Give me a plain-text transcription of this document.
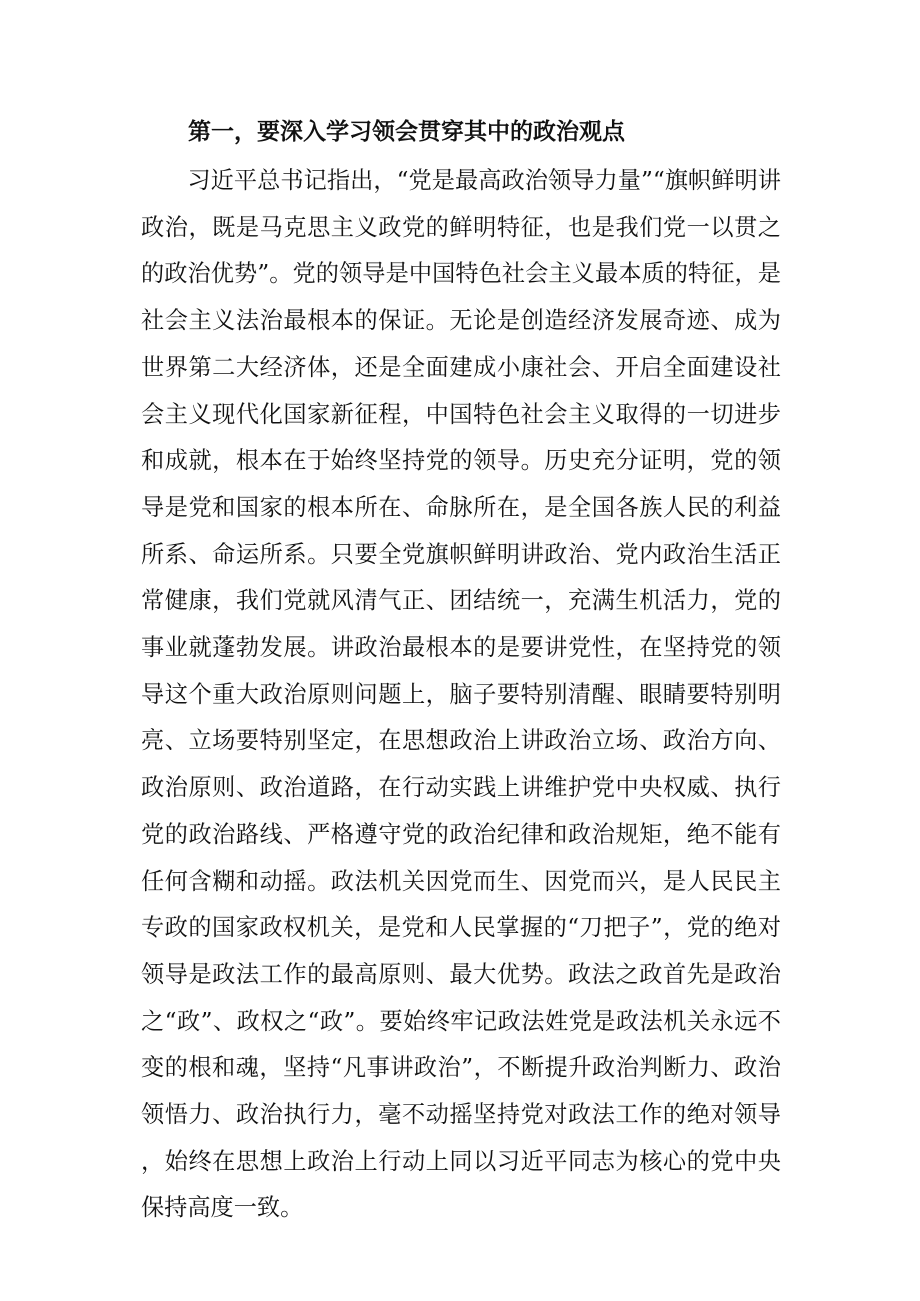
第一，要深入学习领会贯穿其中的政治观点

习近平总书记指出，“党是最高政治领导力量”“旗帜鲜明讲政治，既是马克思主义政党的鲜明特征，也是我们党一以贯之的政治优势”。党的领导是中国特色社会主义最本质的特征，是社会主义法治最根本的保证。无论是创造经济发展奇迹、成为世界第二大经济体，还是全面建成小康社会、开启全面建设社会主义现代化国家新征程，中国特色社会主义取得的一切进步和成就，根本在于始终坚持党的领导。历史充分证明，党的领导是党和国家的根本所在、命脉所在，是全国各族人民的利益所系、命运所系。只要全党旗帜鲜明讲政治、党内政治生活正常健康，我们党就风清气正、团结统一，充满生机活力，党的事业就蓬勃发展。讲政治最根本的是要讲党性，在坚持党的领导这个重大政治原则问题上，脑子要特别清醒、眼睛要特别明亮、立场要特别坚定，在思想政治上讲政治立场、政治方向、政治原则、政治道路，在行动实践上讲维护党中央权威、执行党的政治路线、严格遵守党的政治纪律和政治规矩，绝不能有任何含糊和动摇。政法机关因党而生、因党而兴，是人民民主专政的国家政权机关，是党和人民掌握的“刀把子”，党的绝对领导是政法工作的最高原则、最大优势。政法之政首先是政治之“政”、政权之“政”。要始终牢记政法姓党是政法机关永远不变的根和魂，坚持“凡事讲政治”，不断提升政治判断力、政治领悟力、政治执行力，毫不动摇坚持党对政法工作的绝对领导，始终在思想上政治上行动上同以习近平同志为核心的党中央保持高度一致。
